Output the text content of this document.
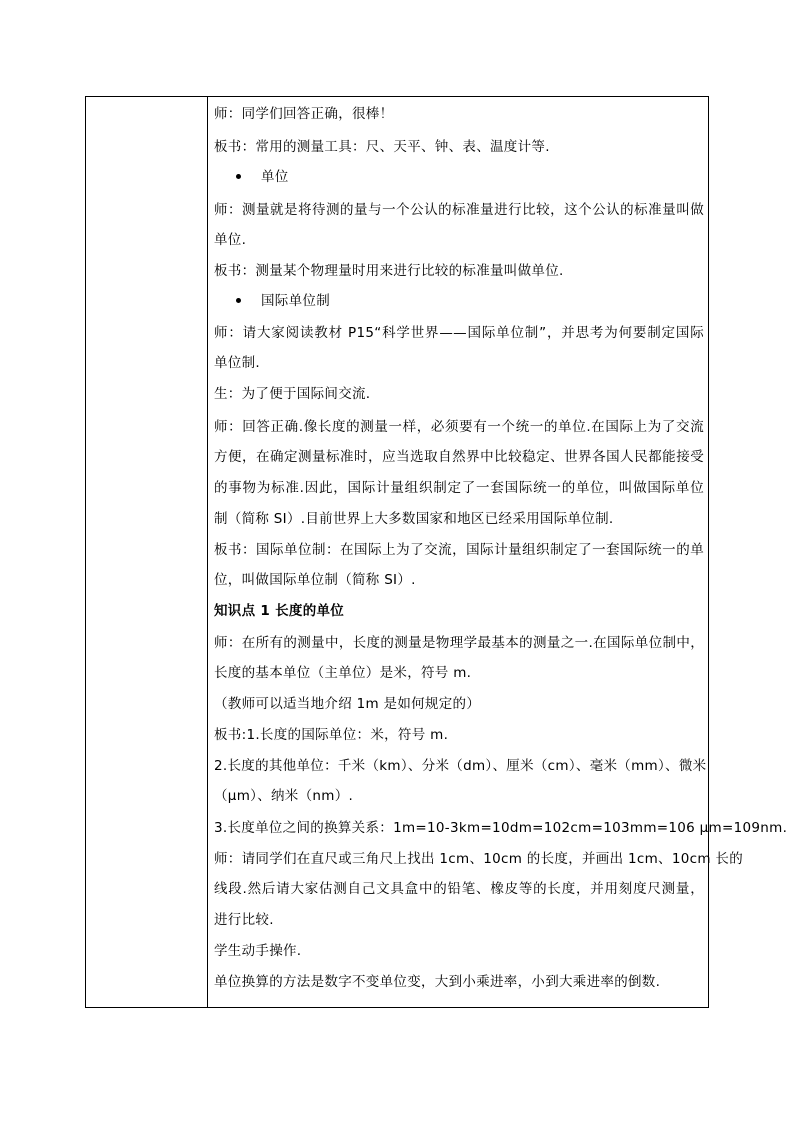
师：同学们回答正确，很棒！
板书：常用的测量工具：尺、天平、钟、表、温度计等.
单位
师：测量就是将待测的量与一个公认的标准量进行比较，这个公认的标准量叫做
单位.
板书：测量某个物理量时用来进行比较的标准量叫做单位.
国际单位制
师：请大家阅读教材 P15“科学世界——国际单位制”，并思考为何要制定国际
单位制.
生：为了便于国际间交流.
师：回答正确.像长度的测量一样，必须要有一个统一的单位.在国际上为了交流
方便，在确定测量标准时，应当选取自然界中比较稳定、世界各国人民都能接受
的事物为标准.因此，国际计量组织制定了一套国际统一的单位，叫做国际单位
制（简称 SI）.目前世界上大多数国家和地区已经采用国际单位制.
板书：国际单位制：在国际上为了交流，国际计量组织制定了一套国际统一的单
位，叫做国际单位制（简称 SI）.
知识点 1 长度的单位
师：在所有的测量中，长度的测量是物理学最基本的测量之一.在国际单位制中，
长度的基本单位（主单位）是米，符号 m.
（教师可以适当地介绍 1m 是如何规定的）
板书:1.长度的国际单位：米，符号 m.
2.长度的其他单位：千米（km）、分米（dm）、厘米（cm）、毫米（mm）、微米
（μm）、纳米（nm）.
3.长度单位之间的换算关系：1m=10-3km=10dm=102cm=103mm=106 μm=109nm.
师：请同学们在直尺或三角尺上找出 1cm、10cm 的长度，并画出 1cm、10cm 长的
线段.然后请大家估测自己文具盒中的铅笔、橡皮等的长度，并用刻度尺测量，
进行比较.
学生动手操作.
单位换算的方法是数字不变单位变，大到小乘进率，小到大乘进率的倒数.
